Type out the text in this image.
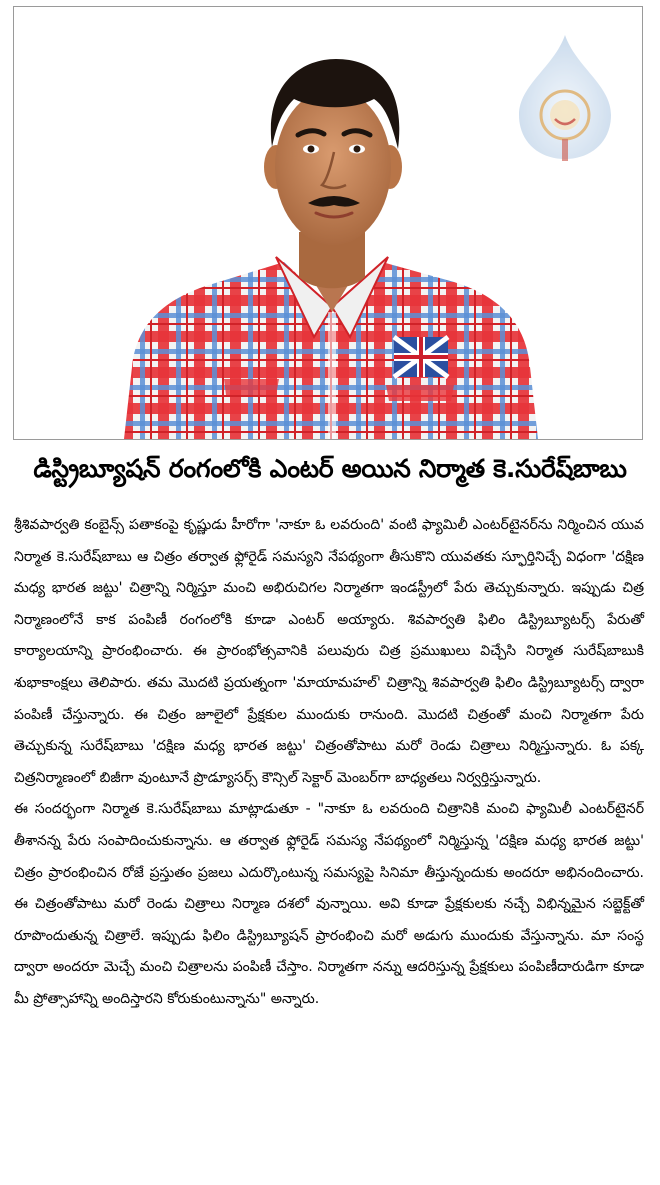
డిస్ట్రిబ్యూషన్ రంగంలోకి ఎంటర్ అయిన నిర్మాత కె.సురేష్‌బాబు

శ్రీశివపార్వతి కంబైన్స్ పతాకంపై కృష్ణుడు హీరోగా 'నాకూ ఓ లవరుంది' వంటి ఫ్యామిలీ ఎంటర్‌టైనర్‌ను నిర్మించిన యువ నిర్మాత కె.సురేష్‌బాబు ఆ చిత్రం తర్వాత ఫ్లోరైడ్ సమస్యని నేపథ్యంగా తీసుకొని యువతకు స్ఫూర్తినిచ్చే విధంగా 'దక్షిణ మధ్య భారత జట్టు' చిత్రాన్ని నిర్మిస్తూ మంచి అభిరుచిగల నిర్మాతగా ఇండస్ట్రీలో పేరు తెచ్చుకున్నారు. ఇప్పుడు చిత్ర నిర్మాణంలోనే కాక పంపిణీ రంగంలోకి కూడా ఎంటర్ అయ్యారు. శివపార్వతి ఫిలిం డిస్ట్రిబ్యూటర్స్ పేరుతో కార్యాలయాన్ని ప్రారంభించారు. ఈ ప్రారంభోత్సవానికి పలువురు చిత్ర ప్రముఖులు విచ్చేసి నిర్మాత సురేష్‌బాబుకి శుభాకాంక్షలు తెలిపారు. తమ మొదటి ప్రయత్నంగా 'మాయామహల్' చిత్రాన్ని శివపార్వతి ఫిలిం డిస్ట్రిబ్యూటర్స్ ద్వారా పంపిణీ చేస్తున్నారు. ఈ చిత్రం జూలైలో ప్రేక్షకుల ముందుకు రానుంది. మొదటి చిత్రంతో మంచి నిర్మాతగా పేరు తెచ్చుకున్న సురేష్‌బాబు 'దక్షిణ మధ్య భారత జట్టు' చిత్రంతోపాటు మరో రెండు చిత్రాలు నిర్మిస్తున్నారు. ఓ పక్క చిత్రనిర్మాణంలో బిజీగా వుంటూనే ప్రొడ్యూసర్స్ కౌన్సిల్ సెక్టార్ మెంబర్‌గా బాధ్యతలు నిర్వర్తిస్తున్నారు.

ఈ సందర్భంగా నిర్మాత కె.సురేష్‌బాబు మాట్లాడుతూ - "నాకూ ఓ లవరుంది చిత్రానికి మంచి ఫ్యామిలీ ఎంటర్‌టైనర్ తీశానన్న పేరు సంపాదించుకున్నాను. ఆ తర్వాత ఫ్లోరైడ్ సమస్య నేపథ్యంలో నిర్మిస్తున్న 'దక్షిణ మధ్య భారత జట్టు' చిత్రం ప్రారంభించిన రోజే ప్రస్తుతం ప్రజలు ఎదుర్కొంటున్న సమస్యపై సినిమా తీస్తున్నందుకు అందరూ అభినందించారు. ఈ చిత్రంతోపాటు మరో రెండు చిత్రాలు నిర్మాణ దశలో వున్నాయి. అవి కూడా ప్రేక్షకులకు నచ్చే విభిన్నమైన సబ్జెక్ట్‌తో రూపొందుతున్న చిత్రాలే. ఇప్పుడు ఫిలిం డిస్ట్రిబ్యూషన్ ప్రారంభించి మరో అడుగు ముందుకు వేస్తున్నాను. మా సంస్థ ద్వారా అందరూ మెచ్చే మంచి చిత్రాలను పంపిణీ చేస్తాం. నిర్మాతగా నన్ను ఆదరిస్తున్న ప్రేక్షకులు పంపిణీదారుడిగా కూడా మీ ప్రోత్సాహాన్ని అందిస్తారని కోరుకుంటున్నాను" అన్నారు.
